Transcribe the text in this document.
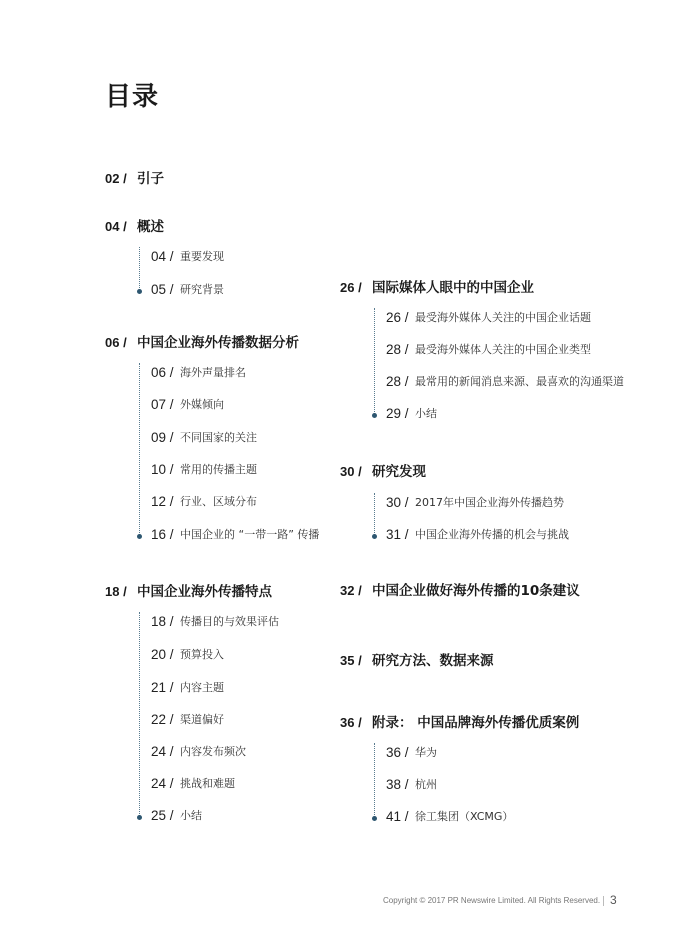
目录
02 / 引子
04 / 概述
04 / 重要发现
05 / 研究背景
06 / 中国企业海外传播数据分析
06 / 海外声量排名
07 / 外媒倾向
09 / 不同国家的关注
10 / 常用的传播主题
12 / 行业、区域分布
16 / 中国企业的 “一带一路” 传播
18 / 中国企业海外传播特点
18 / 传播目的与效果评估
20 / 预算投入
21 / 内容主题
22 / 渠道偏好
24 / 内容发布频次
24 / 挑战和难题
25 / 小结
26 / 国际媒体人眼中的中国企业
26 / 最受海外媒体人关注的中国企业话题
28 / 最受海外媒体人关注的中国企业类型
28 / 最常用的新闻消息来源、最喜欢的沟通渠道
29 / 小结
30 / 研究发现
30 / 2017年中国企业海外传播趋势
31 / 中国企业海外传播的机会与挑战
32 / 中国企业做好海外传播的10条建议
35 / 研究方法、数据来源
36 / 附录： 中国品牌海外传播优质案例
36 / 华为
38 / 杭州
41 / 徐工集团（XCMG）
Copyright © 2017 PR Newswire Limited. All Rights Reserved. 3
